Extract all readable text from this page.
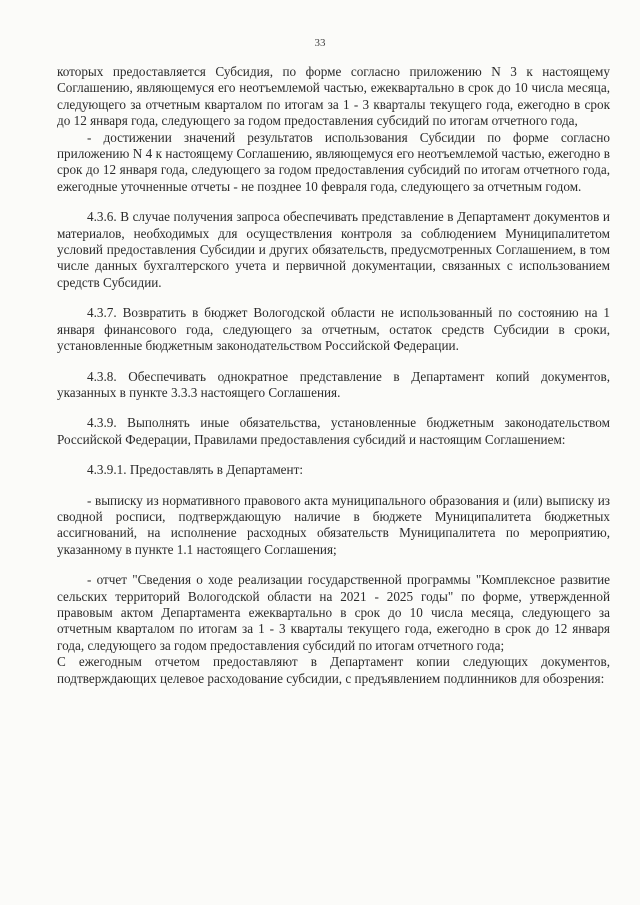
33

которых предоставляется Субсидия, по форме согласно приложению N 3 к настоящему Соглашению, являющемуся его неотъемлемой частью, ежеквартально в срок до 10 числа месяца, следующего за отчетным кварталом по итогам за 1 - 3 кварталы текущего года, ежегодно в срок до 12 января года, следующего за годом предоставления субсидий по итогам отчетного года,

- достижении значений результатов использования Субсидии по форме согласно приложению N 4 к настоящему Соглашению, являющемуся его неотъемлемой частью, ежегодно в срок до 12 января года, следующего за годом предоставления субсидий по итогам отчетного года, ежегодные уточненные отчеты - не позднее 10 февраля года, следующего за отчетным годом.

4.3.6. В случае получения запроса обеспечивать представление в Департамент документов и материалов, необходимых для осуществления контроля за соблюдением Муниципалитетом условий предоставления Субсидии и других обязательств, предусмотренных Соглашением, в том числе данных бухгалтерского учета и первичной документации, связанных с использованием средств Субсидии.

4.3.7. Возвратить в бюджет Вологодской области не использованный по состоянию на 1 января финансового года, следующего за отчетным, остаток средств Субсидии в сроки, установленные бюджетным законодательством Российской Федерации.

4.3.8. Обеспечивать однократное представление в Департамент копий документов, указанных в пункте 3.3.3 настоящего Соглашения.

4.3.9. Выполнять иные обязательства, установленные бюджетным законодательством Российской Федерации, Правилами предоставления субсидий и настоящим Соглашением:

4.3.9.1. Предоставлять в Департамент:

- выписку из нормативного правового акта муниципального образования и (или) выписку из сводной росписи, подтверждающую наличие в бюджете Муниципалитета бюджетных ассигнований, на исполнение расходных обязательств Муниципалитета по мероприятию, указанному в пункте 1.1 настоящего Соглашения;

- отчет "Сведения о ходе реализации государственной программы "Комплексное развитие сельских территорий Вологодской области на 2021 - 2025 годы" по форме, утвержденной правовым актом Департамента ежеквартально в срок до 10 числа месяца, следующего за отчетным кварталом по итогам за 1 - 3 кварталы текущего года, ежегодно в срок до 12 января года, следующего за годом предоставления субсидий по итогам отчетного года;

С ежегодным отчетом предоставляют в Департамент копии следующих документов, подтверждающих целевое расходование субсидии, с предъявлением подлинников для обозрения:
